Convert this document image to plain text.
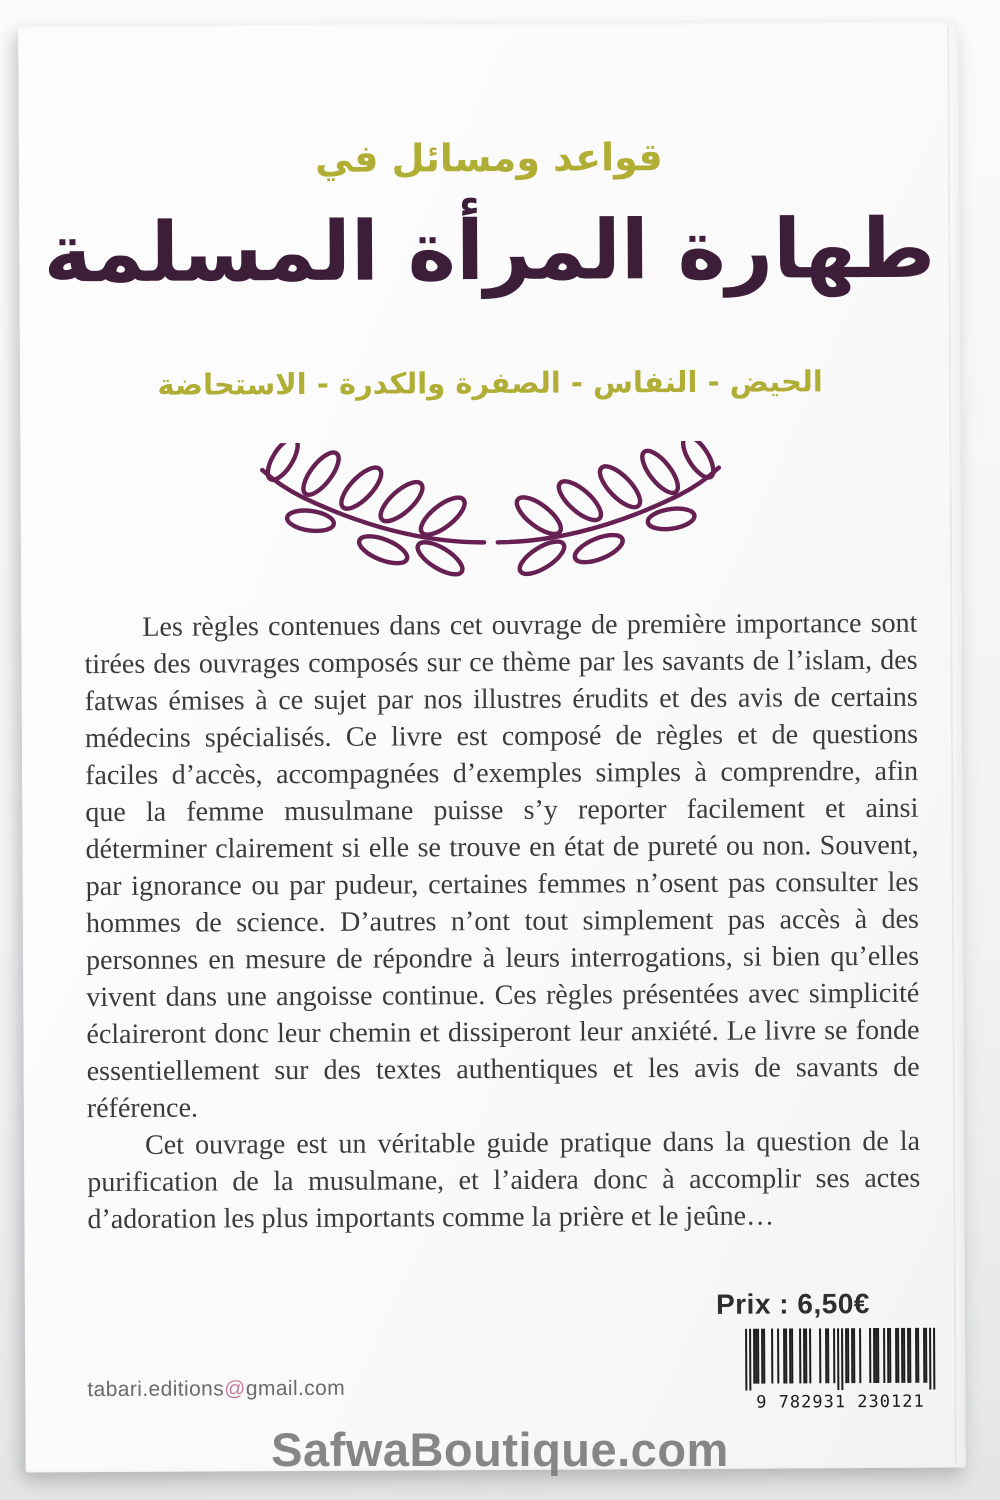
قواعد ومسائل في
طهارة المرأة المسلمة
الحيض - النفاس - الصفرة والكدرة - الاستحاضة

Les règles contenues dans cet ouvrage de première importance sont tirées des ouvrages composés sur ce thème par les savants de l’islam, des fatwas émises à ce sujet par nos illustres érudits et des avis de certains médecins spécialisés. Ce livre est composé de règles et de questions faciles d’accès, accompagnées d’exemples simples à comprendre, afin que la femme musulmane puisse s’y reporter facilement et ainsi déterminer clairement si elle se trouve en état de pureté ou non. Souvent, par ignorance ou par pudeur, certaines femmes n’osent pas consulter les hommes de science. D’autres n’ont tout simplement pas accès à des personnes en mesure de répondre à leurs interrogations, si bien qu’elles vivent dans une angoisse continue. Ces règles présentées avec simplicité éclaireront donc leur chemin et dissiperont leur anxiété. Le livre se fonde essentiellement sur des textes authentiques et les avis de savants de référence.

Cet ouvrage est un véritable guide pratique dans la question de la purification de la musulmane, et l’aidera donc à accomplir ses actes d’adoration les plus importants comme la prière et le jeûne…

Prix : 6,50€
9 782931 230121
tabari.editions@gmail.com
SafwaBoutique.com
